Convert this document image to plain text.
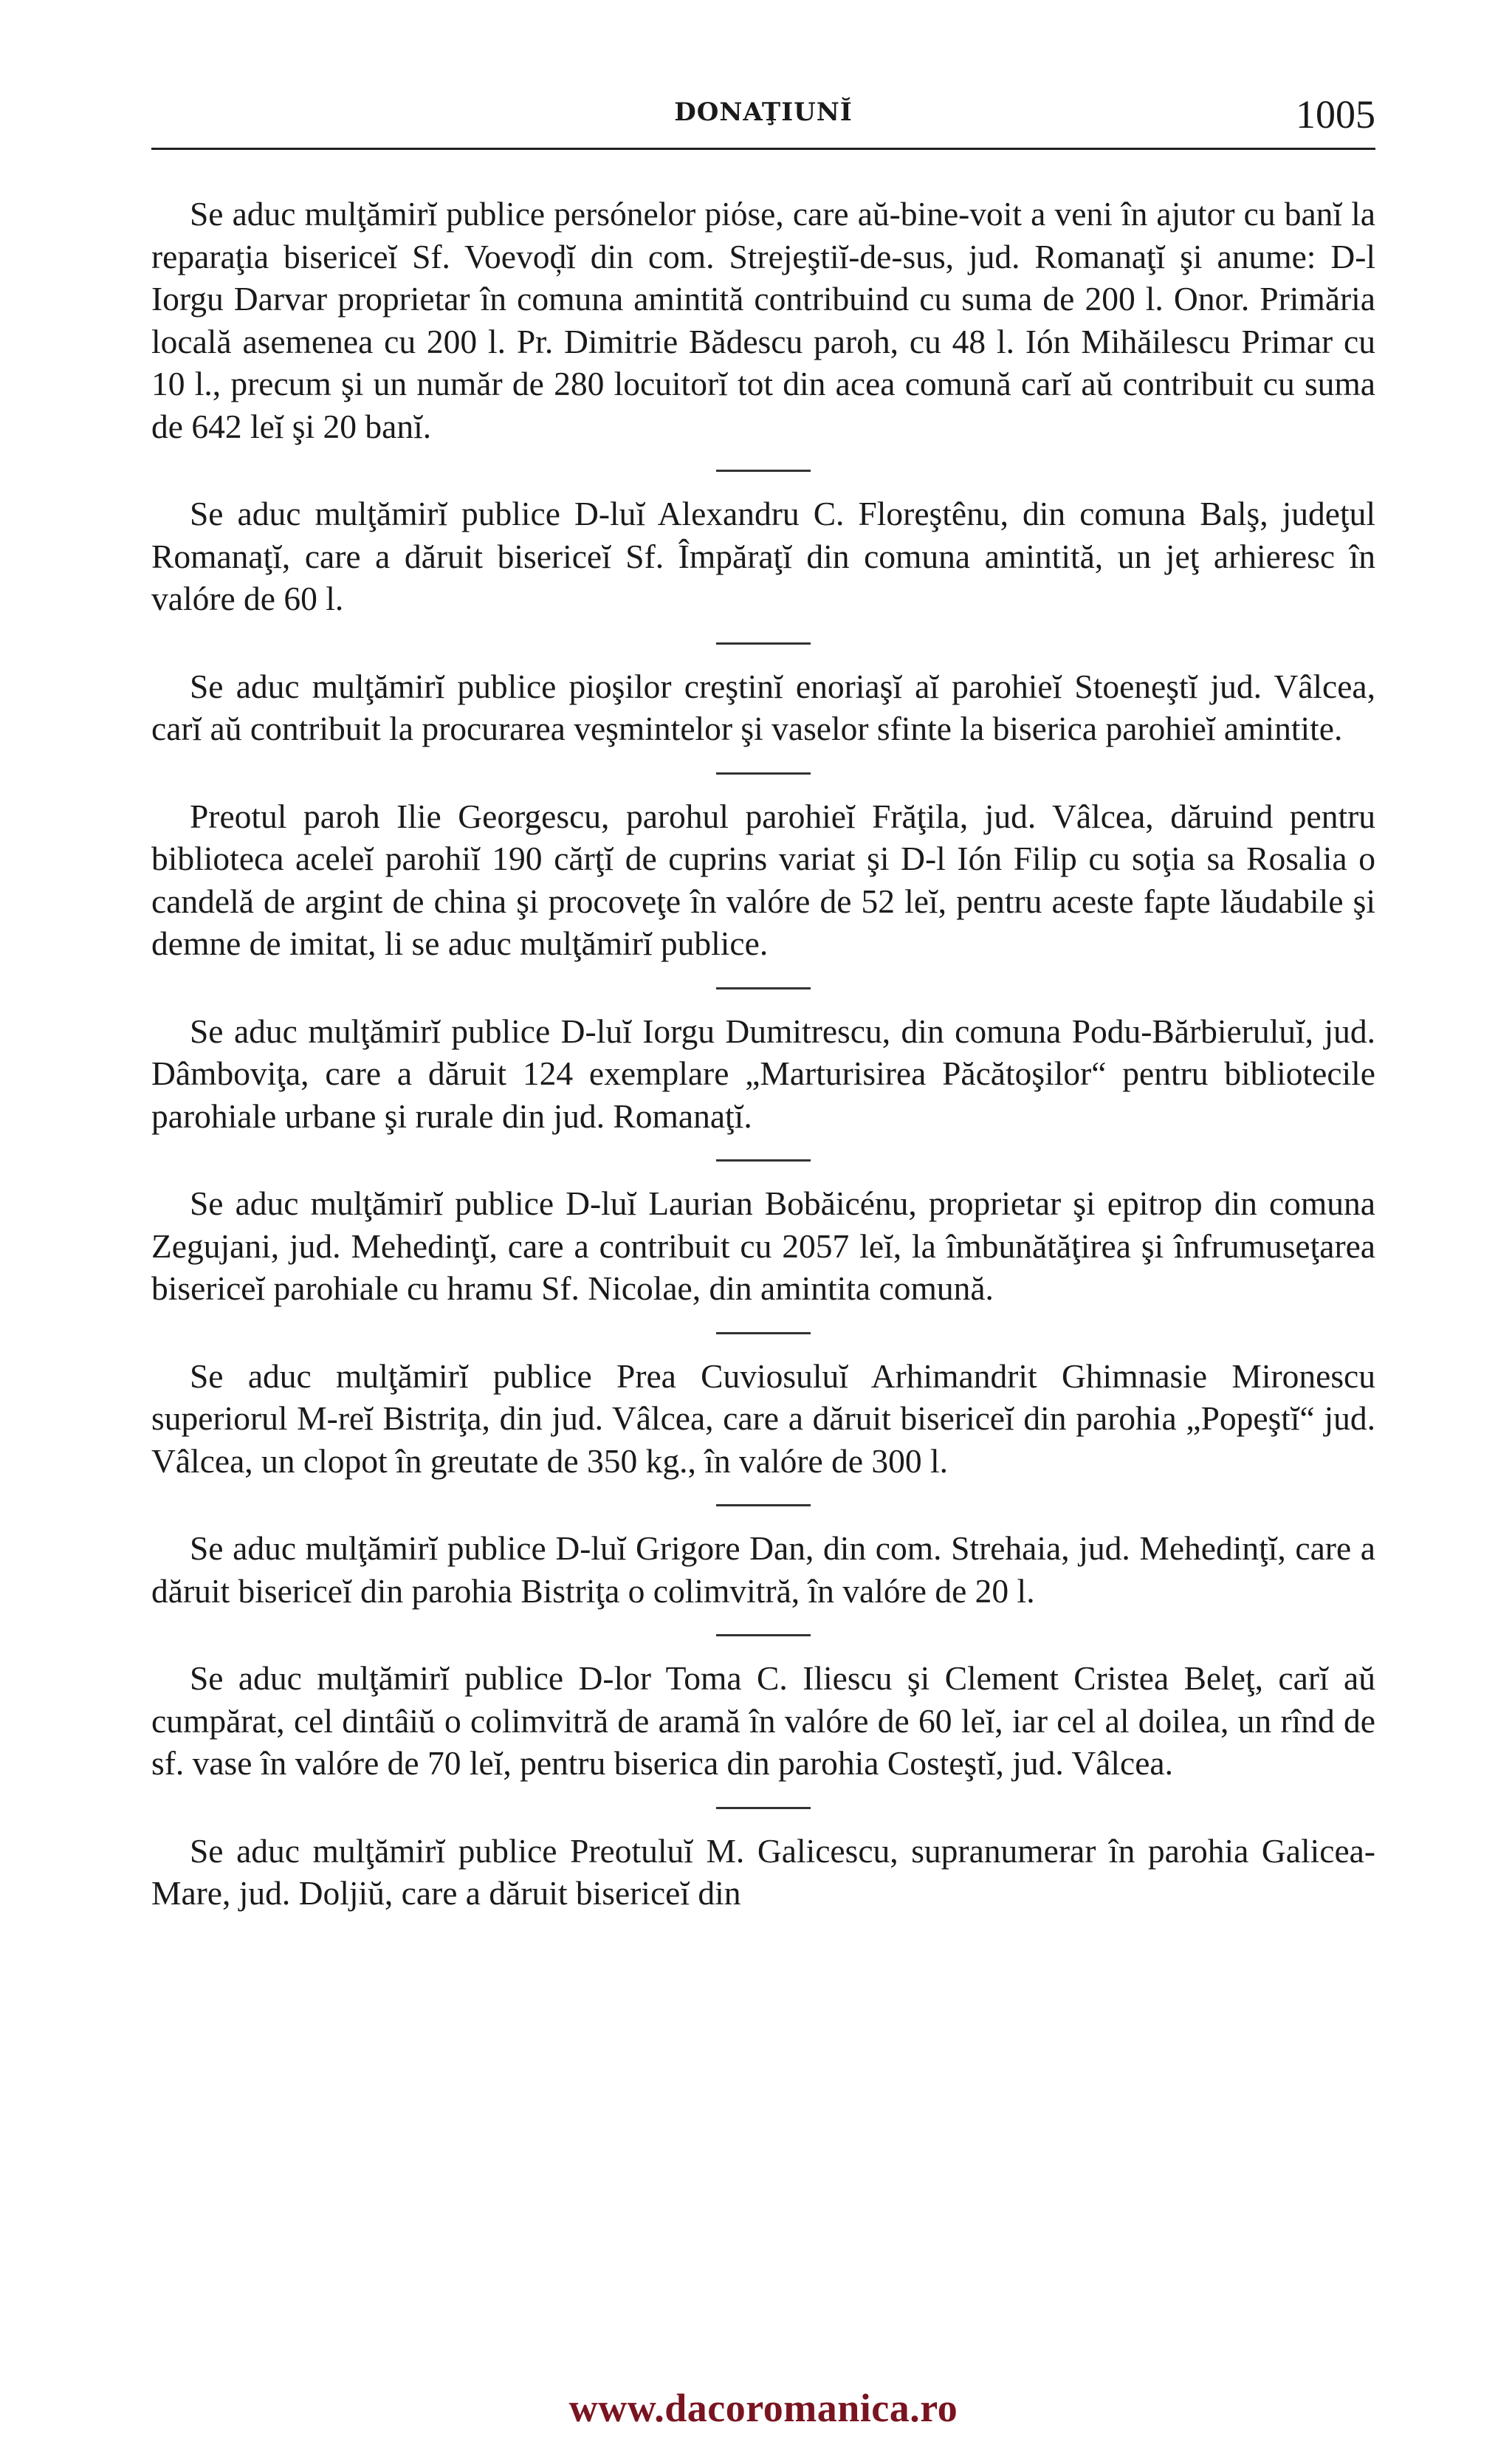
DONAŢIUNĬ	1005

Se aduc mulţămirĭ publice persónelor piόse, care aŭ-bine-voit a veni în ajutor cu banĭ la reparaţia bisericeĭ Sf. Voevoḑĭ din com. Strejeştiĭ-de-sus, jud. Romanaţĭ şi anume: D-l Iorgu Darvar proprietar în comuna amintită contribuind cu suma de 200 l. Onor. Primăria locală asemenea cu 200 l. Pr. Dimitrie Bădescu paroh, cu 48 l. Ión Mihăilescu Primar cu 10 l., precum şi un număr de 280 locuitorĭ tot din acea comună carĭ aŭ contribuit cu suma de 642 leĭ şi 20 banĭ.

Se aduc mulţămirĭ publice D-luĭ Alexandru C. Floreştênu, din comuna Balş, judeţul Romanaţĭ, care a dăruit bisericeĭ Sf. Împăraţĭ din comuna amintită, un jeţ arhieresc în valóre de 60 l.

Se aduc mulţămirĭ publice pioşilor creştinĭ enoriaşĭ aĭ parohieĭ Stoeneştĭ jud. Vâlcea, carĭ aŭ contribuit la procurarea veşmintelor şi vaselor sfinte la biserica parohieĭ amintite.

Preotul paroh Ilie Georgescu, parohul parohieĭ Frăţila, jud. Vâlcea, dăruind pentru biblioteca aceleĭ parohiĭ 190 cărţĭ de cuprins variat şi D-l Ión Filip cu soţia sa Rosalia o candelă de argint de china şi procoveţe în valóre de 52 leĭ, pentru aceste fapte lăudabile şi demne de imitat, li se aduc mulţămirĭ publice.

Se aduc mulţămirĭ publice D-luĭ Iorgu Dumitrescu, din comuna Podu-Bărbieruluĭ, jud. Dâmboviţa, care a dăruit 124 exemplare „Marturisirea Păcătoşilor“ pentru bibliotecile parohiale urbane şi rurale din jud. Romanaţĭ.

Se aduc mulţămirĭ publice D-luĭ Laurian Bobăicénu, proprietar şi epitrop din comuna Zegujani, jud. Mehedinţĭ, care a contribuit cu 2057 leĭ, la îmbunătăţirea şi înfrumuseţarea bisericeĭ parohiale cu hramu Sf. Nicolae, din amintita comună.

Se aduc mulţămirĭ publice Prea Cuviosuluĭ Arhimandrit Ghimnasie Mironescu superiorul M-reĭ Bistriţa, din jud. Vâlcea, care a dăruit bisericeĭ din parohia „Popeştĭ“ jud. Vâlcea, un clopot în greutate de 350 kg., în valóre de 300 l.

Se aduc mulţămirĭ publice D-luĭ Grigore Dan, din com. Strehaia, jud. Mehedinţĭ, care a dăruit bisericeĭ din parohia Bistriţa o colimvitră, în valóre de 20 l.

Se aduc mulţămirĭ publice D-lor Toma C. Iliescu şi Clement Cristea Beleţ, carĭ aŭ cumpărat, cel dintâiŭ o colimvitră de aramă în valóre de 60 leĭ, iar cel al doilea, un rînd de sf. vase în valóre de 70 leĭ, pentru biserica din parohia Costeştĭ, jud. Vâlcea.

Se aduc mulţămirĭ publice Preotuluĭ M. Galicescu, supranumerar în parohia Galicea-Mare, jud. Doljiŭ, care a dăruit bisericeĭ din

www.dacoromanica.ro
